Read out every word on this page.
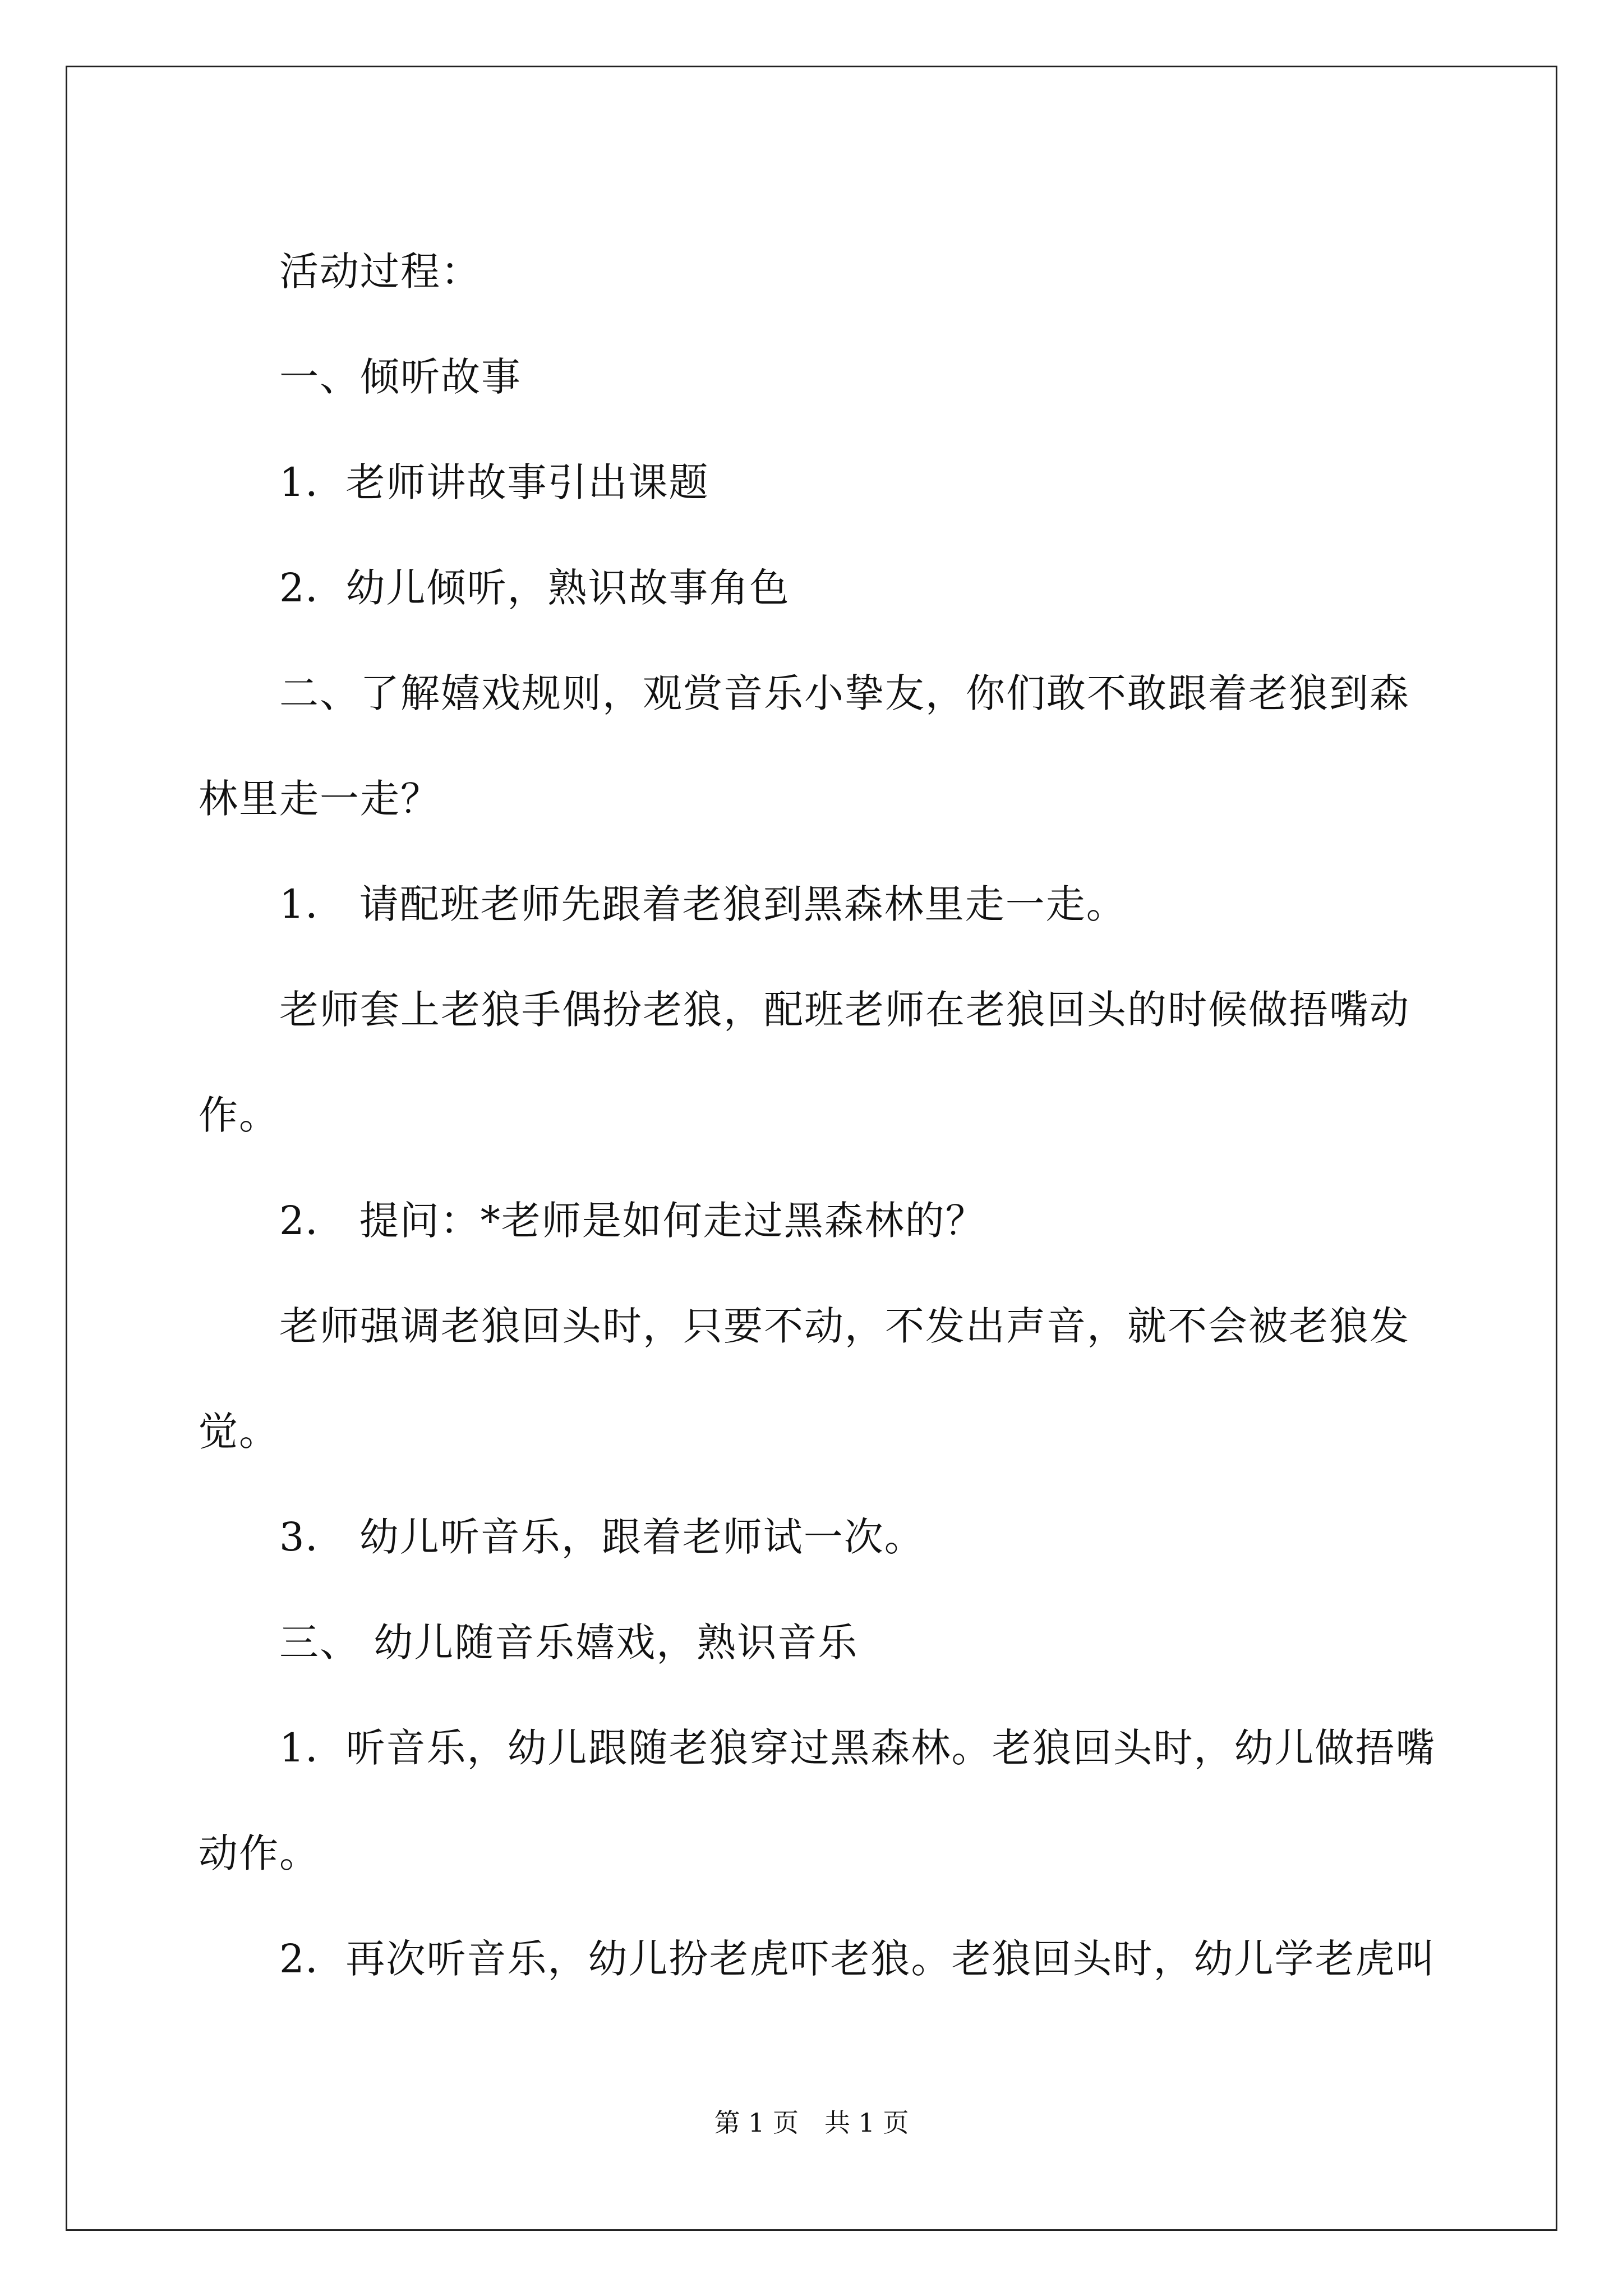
活动过程：

一、倾听故事

1．老师讲故事引出课题

2．幼儿倾听，熟识故事角色

二、了解嬉戏规则，观赏音乐小挚友，你们敢不敢跟着老狼到森林里走一走？

1． 请配班老师先跟着老狼到黑森林里走一走。

老师套上老狼手偶扮老狼，配班老师在老狼回头的时候做捂嘴动作。

2． 提问：*老师是如何走过黑森林的？

老师强调老狼回头时，只要不动，不发出声音，就不会被老狼发觉。

3． 幼儿听音乐，跟着老师试一次。

三、 幼儿随音乐嬉戏，熟识音乐

1．听音乐，幼儿跟随老狼穿过黑森林。老狼回头时，幼儿做捂嘴动作。

2．再次听音乐，幼儿扮老虎吓老狼。老狼回头时，幼儿学老虎叫

第 1 页　共 1 页
